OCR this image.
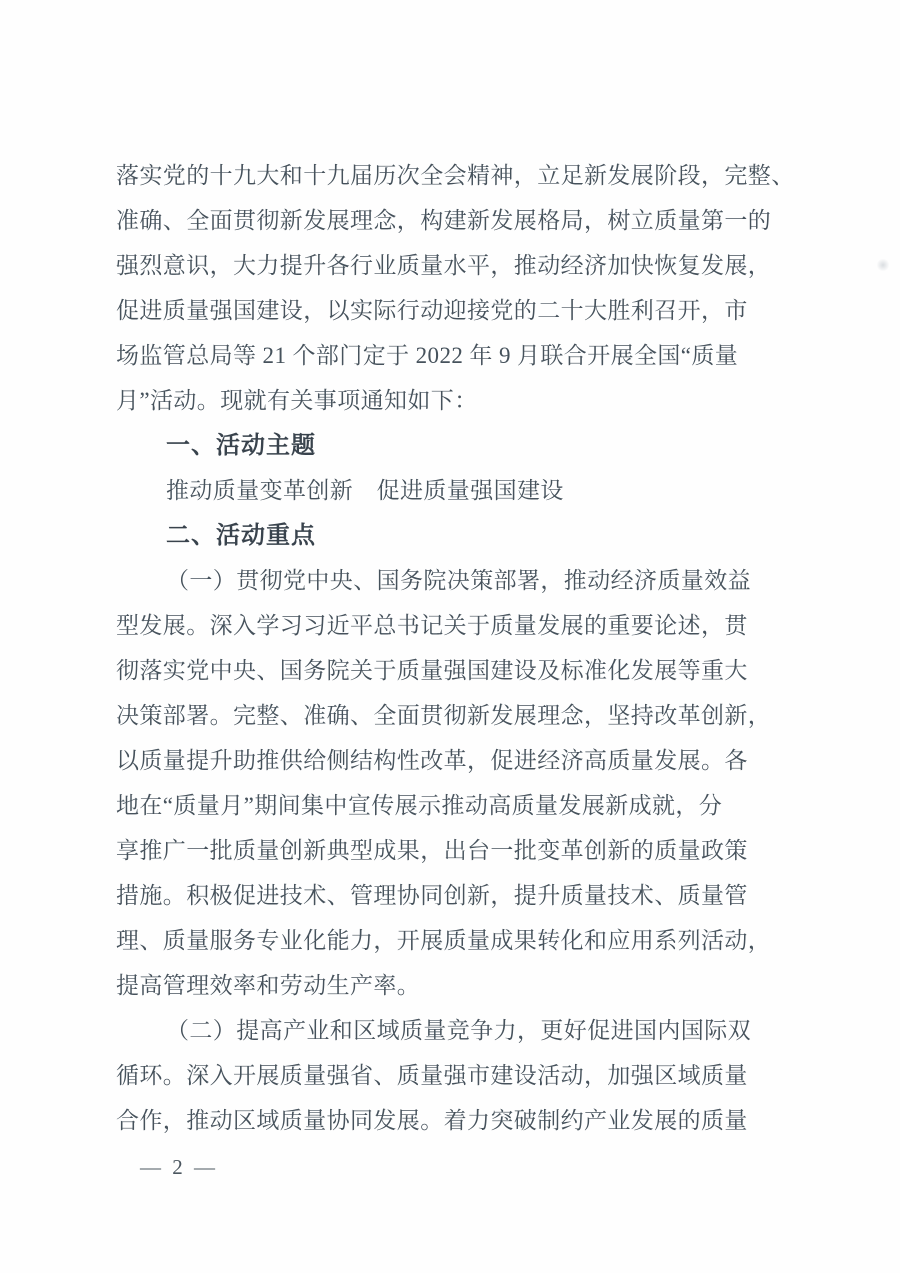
落实党的十九大和十九届历次全会精神，立足新发展阶段，完整、
准确、全面贯彻新发展理念，构建新发展格局，树立质量第一的
强烈意识，大力提升各行业质量水平，推动经济加快恢复发展，
促进质量强国建设，以实际行动迎接党的二十大胜利召开，市
场监管总局等 21 个部门定于 2022 年 9 月联合开展全国“质量
月”活动。现就有关事项通知如下：
一、活动主题
推动质量变革创新　促进质量强国建设
二、活动重点
（一）贯彻党中央、国务院决策部署，推动经济质量效益
型发展。深入学习习近平总书记关于质量发展的重要论述，贯
彻落实党中央、国务院关于质量强国建设及标准化发展等重大
决策部署。完整、准确、全面贯彻新发展理念，坚持改革创新，
以质量提升助推供给侧结构性改革，促进经济高质量发展。各
地在“质量月”期间集中宣传展示推动高质量发展新成就，分
享推广一批质量创新典型成果，出台一批变革创新的质量政策
措施。积极促进技术、管理协同创新，提升质量技术、质量管
理、质量服务专业化能力，开展质量成果转化和应用系列活动，
提高管理效率和劳动生产率。
（二）提高产业和区域质量竞争力，更好促进国内国际双
循环。深入开展质量强省、质量强市建设活动，加强区域质量
合作，推动区域质量协同发展。着力突破制约产业发展的质量
— 2 —
